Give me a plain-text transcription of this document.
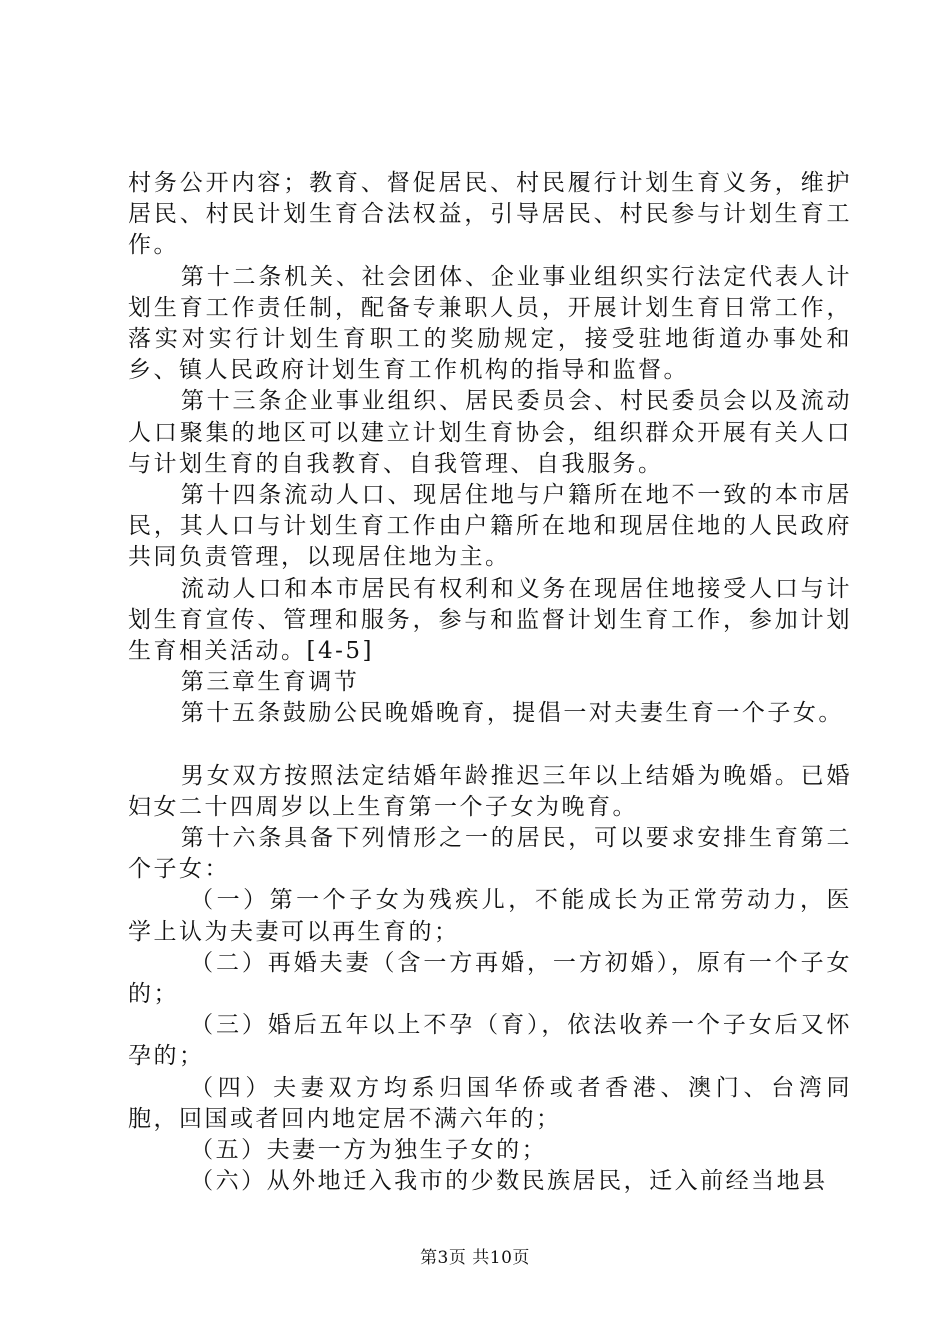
村务公开内容；教育、督促居民、村民履行计划生育义务，维护居民、村民计划生育合法权益，引导居民、村民参与计划生育工作。

第十二条机关、社会团体、企业事业组织实行法定代表人计划生育工作责任制，配备专兼职人员，开展计划生育日常工作，落实对实行计划生育职工的奖励规定，接受驻地街道办事处和乡、镇人民政府计划生育工作机构的指导和监督。

第十三条企业事业组织、居民委员会、村民委员会以及流动人口聚集的地区可以建立计划生育协会，组织群众开展有关人口与计划生育的自我教育、自我管理、自我服务。

第十四条流动人口、现居住地与户籍所在地不一致的本市居民，其人口与计划生育工作由户籍所在地和现居住地的人民政府共同负责管理，以现居住地为主。

流动人口和本市居民有权利和义务在现居住地接受人口与计划生育宣传、管理和服务，参与和监督计划生育工作，参加计划生育相关活动。[4-5]

第三章生育调节

第十五条鼓励公民晚婚晚育，提倡一对夫妻生育一个子女。

男女双方按照法定结婚年龄推迟三年以上结婚为晚婚。已婚妇女二十四周岁以上生育第一个子女为晚育。

第十六条具备下列情形之一的居民，可以要求安排生育第二个子女：

（一）第一个子女为残疾儿，不能成长为正常劳动力，医学上认为夫妻可以再生育的；

（二）再婚夫妻（含一方再婚，一方初婚），原有一个子女的；

（三）婚后五年以上不孕（育），依法收养一个子女后又怀孕的；

（四）夫妻双方均系归国华侨或者香港、澳门、台湾同胞，回国或者回内地定居不满六年的；

（五）夫妻一方为独生子女的；

（六）从外地迁入我市的少数民族居民，迁入前经当地县

第3页 共10页
